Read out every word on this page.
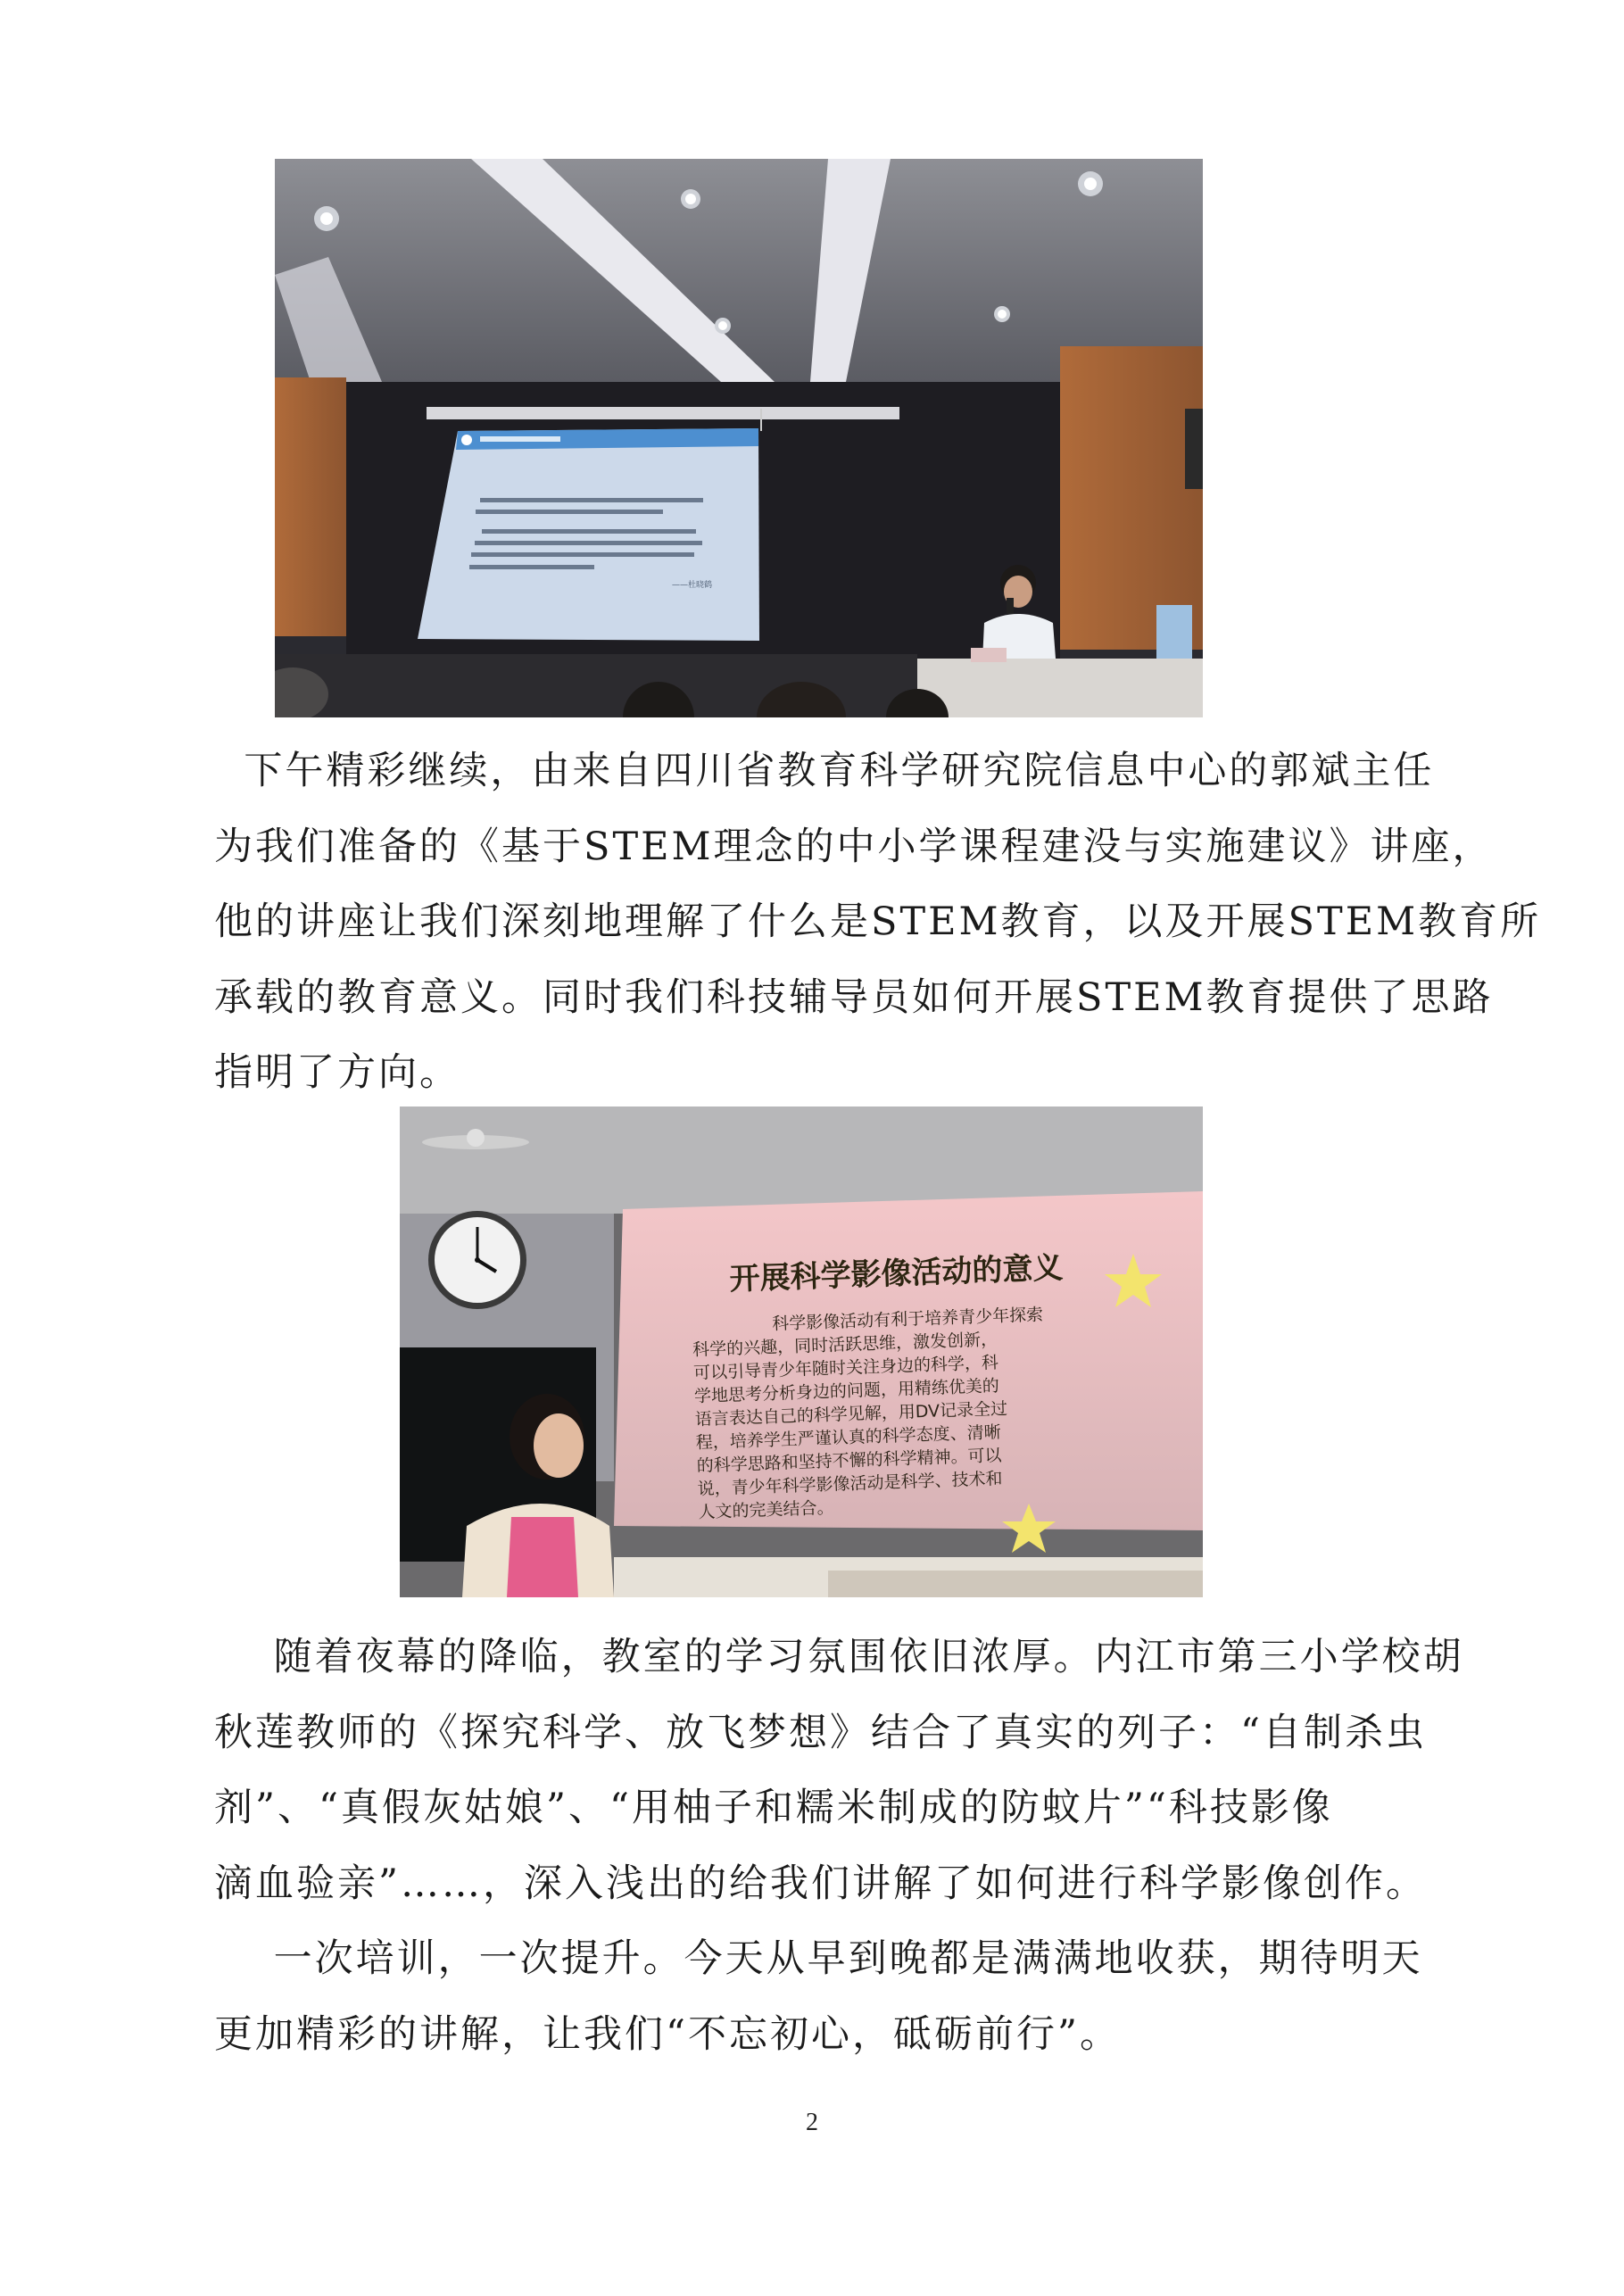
——杜晓鹤
下午精彩继续，由来自四川省教育科学研究院信息中心的郭斌主任
为我们准备的《基于STEM理念的中小学课程建没与实施建议》讲座，
他的讲座让我们深刻地理解了什么是STEM教育，以及开展STEM教育所
承载的教育意义。同时我们科技辅导员如何开展STEM教育提供了思路
指明了方向。
开展科学影像活动的意义
科学影像活动有利于培养青少年探索
科学的兴趣，同时活跃思维，激发创新，
可以引导青少年随时关注身边的科学，科
学地思考分析身边的问题，用精练优美的
语言表达自己的科学见解，用DV记录全过
程，培养学生严谨认真的科学态度、清晰
的科学思路和坚持不懈的科学精神。可以
说，青少年科学影像活动是科学、技术和
人文的完美结合。
随着夜幕的降临，教室的学习氛围依旧浓厚。内江市第三小学校胡
秋莲教师的《探究科学、放飞梦想》结合了真实的列子：“自制杀虫
剂”、“真假灰姑娘”、“用柚子和糯米制成的防蚊片”“科技影像
滴血验亲”……，深入浅出的给我们讲解了如何进行科学影像创作。
一次培训，一次提升。今天从早到晚都是满满地收获，期待明天
更加精彩的讲解，让我们“不忘初心，砥砺前行”。
2
